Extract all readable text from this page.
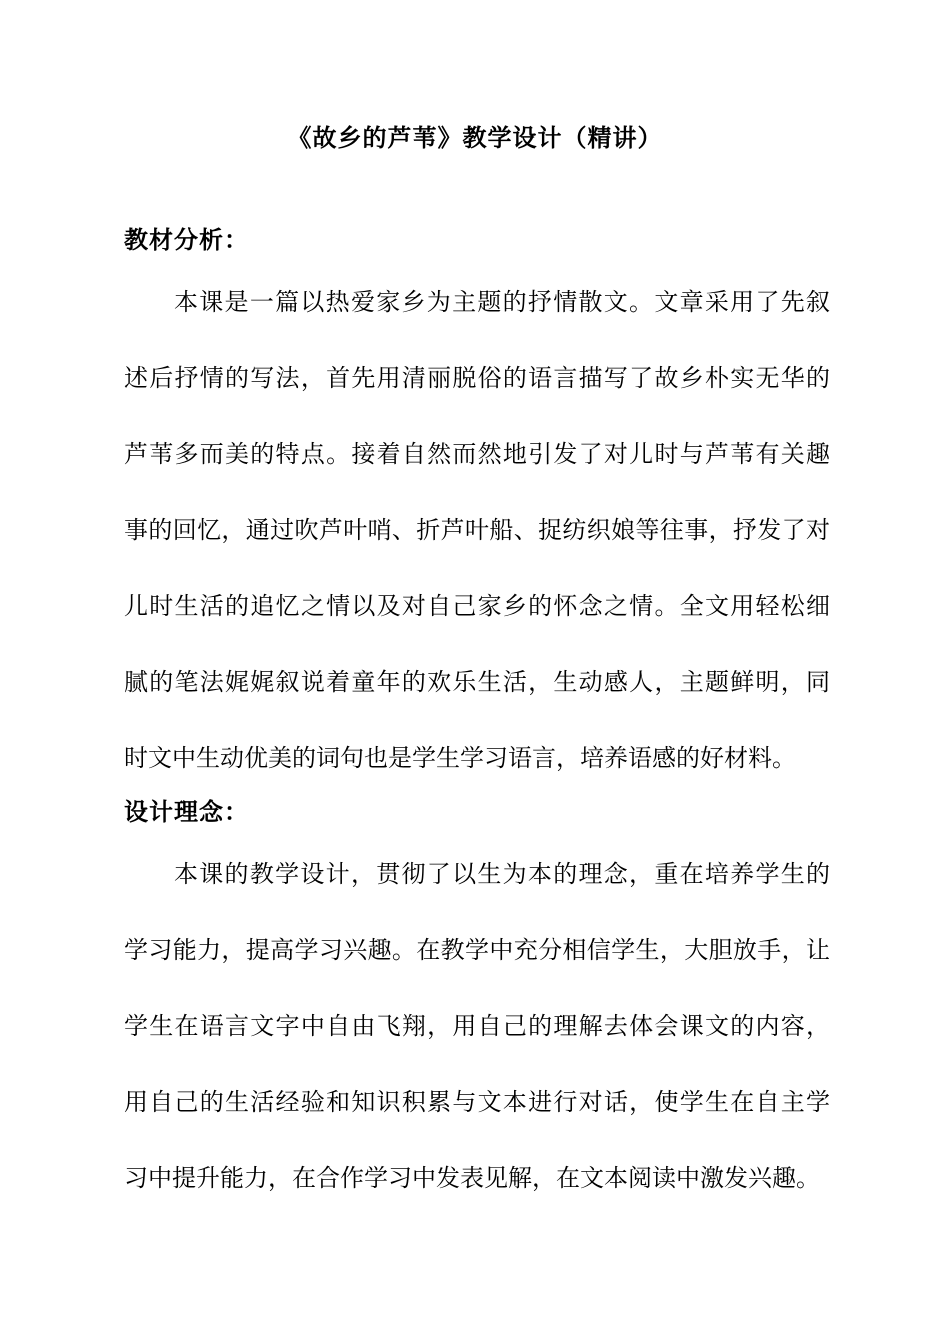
《故乡的芦苇》教学设计（精讲）
教材分析：
本课是一篇以热爱家乡为主题的抒情散文。文章采用了先叙
述后抒情的写法，首先用清丽脱俗的语言描写了故乡朴实无华的
芦苇多而美的特点。接着自然而然地引发了对儿时与芦苇有关趣
事的回忆，通过吹芦叶哨、折芦叶船、捉纺织娘等往事，抒发了对
儿时生活的追忆之情以及对自己家乡的怀念之情。全文用轻松细
腻的笔法娓娓叙说着童年的欢乐生活，生动感人，主题鲜明，同
时文中生动优美的词句也是学生学习语言，培养语感的好材料。
设计理念：
本课的教学设计，贯彻了以生为本的理念，重在培养学生的
学习能力，提高学习兴趣。在教学中充分相信学生，大胆放手，让
学生在语言文字中自由飞翔，用自己的理解去体会课文的内容，
用自己的生活经验和知识积累与文本进行对话，使学生在自主学
习中提升能力，在合作学习中发表见解，在文本阅读中激发兴趣。
